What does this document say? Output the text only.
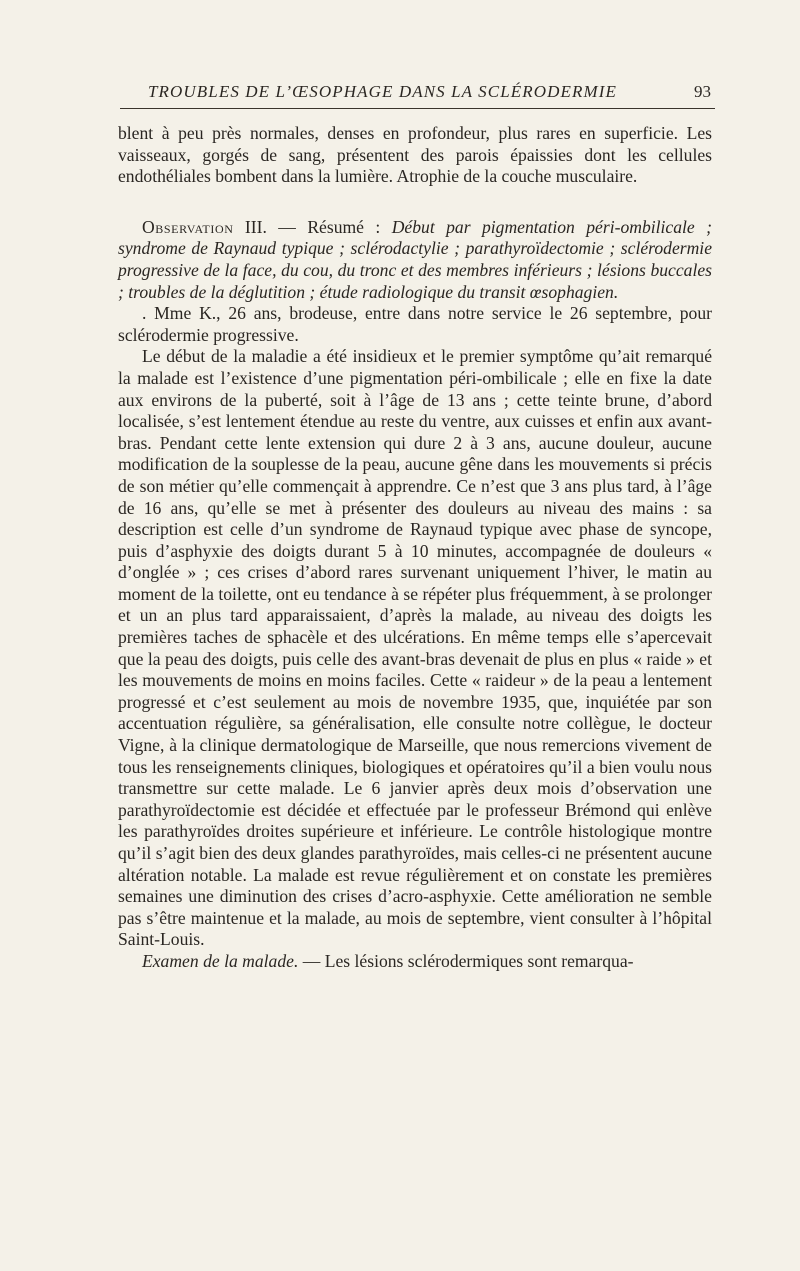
TROUBLES DE L’ŒSOPHAGE DANS LA SCLÉRODERMIE	93

blent à peu près normales, denses en profondeur, plus rares en superficie. Les vaisseaux, gorgés de sang, présentent des parois épaissies dont les cellules endothéliales bombent dans la lumière. Atrophie de la couche musculaire.

Observation III. — Résumé : Début par pigmentation péri-ombilicale ; syndrome de Raynaud typique ; sclérodactylie ; parathyroïdectomie ; sclérodermie progressive de la face, du cou, du tronc et des membres inférieurs ; lésions buccales ; troubles de la déglutition ; étude radiologique du transit œsophagien.

. Mme K., 26 ans, brodeuse, entre dans notre service le 26 septembre, pour sclérodermie progressive.

Le début de la maladie a été insidieux et le premier symptôme qu’ait remarqué la malade est l’existence d’une pigmentation péri-ombilicale ; elle en fixe la date aux environs de la puberté, soit à l’âge de 13 ans ; cette teinte brune, d’abord localisée, s’est lentement étendue au reste du ventre, aux cuisses et enfin aux avant-bras. Pendant cette lente extension qui dure 2 à 3 ans, aucune douleur, aucune modification de la souplesse de la peau, aucune gêne dans les mouvements si précis de son métier qu’elle commençait à apprendre. Ce n’est que 3 ans plus tard, à l’âge de 16 ans, qu’elle se met à présenter des douleurs au niveau des mains : sa description est celle d’un syndrome de Raynaud typique avec phase de syncope, puis d’asphyxie des doigts durant 5 à 10 minutes, accompagnée de douleurs « d’onglée » ; ces crises d’abord rares survenant uniquement l’hiver, le matin au moment de la toilette, ont eu tendance à se répéter plus fréquemment, à se prolonger et un an plus tard apparaissaient, d’après la malade, au niveau des doigts les premières taches de sphacèle et des ulcérations. En même temps elle s’apercevait que la peau des doigts, puis celle des avant-bras devenait de plus en plus « raide » et les mouvements de moins en moins faciles. Cette « raideur » de la peau a lentement progressé et c’est seulement au mois de novembre 1935, que, inquiétée par son accentuation régulière, sa généralisation, elle consulte notre collègue, le docteur Vigne, à la clinique dermatologique de Marseille, que nous remercions vivement de tous les renseignements cliniques, biologiques et opératoires qu’il a bien voulu nous transmettre sur cette malade. Le 6 janvier après deux mois d’observation une parathyroïdectomie est décidée et effectuée par le professeur Brémond qui enlève les parathyroïdes droites supérieure et inférieure. Le contrôle histologique montre qu’il s’agit bien des deux glandes parathyroïdes, mais celles-ci ne présentent aucune altération notable. La malade est revue régulièrement et on constate les premières semaines une diminution des crises d’acro-asphyxie. Cette amélioration ne semble pas s’être maintenue et la malade, au mois de septembre, vient consulter à l’hôpital Saint-Louis.

Examen de la malade. — Les lésions sclérodermiques sont remarqua-
